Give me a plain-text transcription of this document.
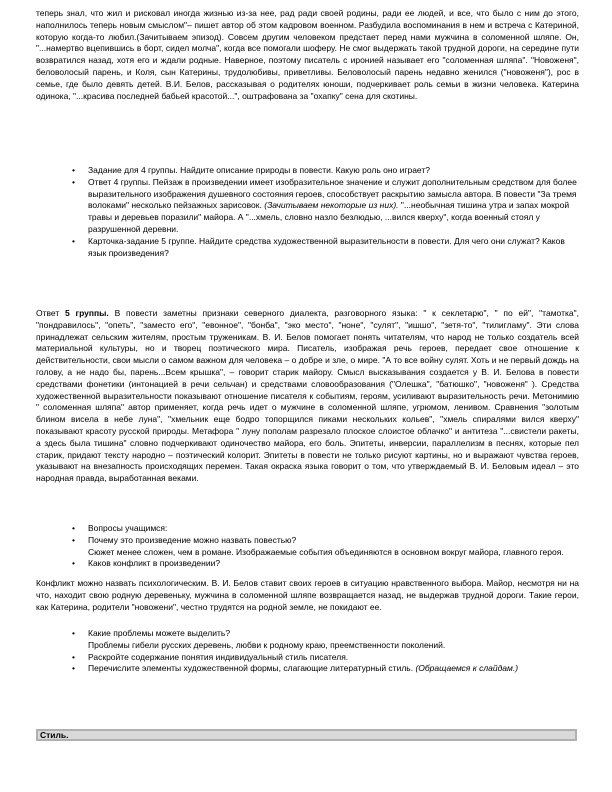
теперь знал, что жил и рисковал иногда жизнью из-за нее, рад ради своей родины, ради ее людей, и все, что было с ним до этого, наполнилось теперь новым смыслом"– пишет автор об этом кадровом военном. Разбудила воспоминания в нем и встреча с Катериной, которую когда-то любил.(Зачитываем эпизод). Совсем другим человеком предстает перед нами мужчина в соломенной шляпе. Он, "...намертво вцепившись в борт, сидел молча", когда все помогали шоферу. Не смог выдержать такой трудной дороги, на середине пути возвратился назад, хотя его и ждали родные. Наверное, поэтому писатель с иронией называет его "соломенная шляпа". "Новоженя", беловолосый парень, и Коля, сын Катерины, трудолюбивы, приветливы. Беловолосый парень недавно женился ("новоженя"), рос в семье, где было девять детей. В.И. Белов, рассказывая о родителях юноши, подчеркивает роль семьи в жизни человека. Катерина одинока, "...красива последней бабьей красотой...", оштрафована за "охапку" сена для скотины.
• Задание для 4 группы. Найдите описание природы в повести. Какую роль оно играет?
• Ответ 4 группы. Пейзаж в произведении имеет изобразительное значение и служит дополнительным средством для более выразительного изображения душевного состояния героев, способствует раскрытию замысла автора. В повести "За тремя волоками" несколько пейзажных зарисовок. (Зачитываем некоторые из них). "...необычная тишина утра и запах мокрой травы и деревьев поразили" майора. А "...хмель, словно назло безлюдью, ...вился кверху", когда военный стоял у разрушенной деревни.
• Карточка-задание 5 группе. Найдите средства художественной выразительности в повести. Для чего они служат? Каков язык произведения?
Ответ 5 группы. В повести заметны признаки северного диалекта, разговорного языка: " к секлетарю", " по ей", "тамотка", "пондравилось", "опеть", "заместо его", "евонное", "бонба", "эко место", "ноне", "сулят", "ишшо", "зетя-то", "тилигламу". Эти слова принадлежат сельским жителям, простым труженикам. В. И. Белов помогает понять читателям, что народ не только создатель всей материальной культуры, но и творец поэтического мира. Писатель, изображая речь героев, передает свое отношение к действительности, свои мысли о самом важном для человека – о добре и зле, о мире. "А то все войну сулят. Хоть и не первый дождь на голову, а не надо бы, парень...Всем крышка", – говорит старик майору. Смысл высказывания создается у В. И. Белова в повести средствами фонетики (интонацией в речи сельчан) и средствами словообразования ("Олешка", "батюшко", "новоженя" ). Средства художественной выразительности показывают отношение писателя к событиям, героям, усиливают выразительность речи. Метонимию " соломенная шляпа" автор применяет, когда речь идет о мужчине в соломенной шляпе, угрюмом, ленивом. Сравнения "золотым блином висела в небе луна", "хмельник еще бодро топорщился пиками нескольких кольев", "хмель спиралями вился кверху" показывают красоту русской природы. Метафора " луну пополам разрезало плоское слоистое облачко" и антитеза "...свистели ракеты, а здесь была тишина" словно подчеркивают одиночество майора, его боль. Эпитеты, инверсии, параллелизм в песнях, которые пел старик, придают тексту народно – поэтический колорит. Эпитеты в повести не только рисуют картины, но и выражают чувства героев, указывают на внезапность происходящих перемен. Такая окраска языка говорит о том, что утверждаемый В. И. Беловым идеал – это народная правда, выработанная веками.
• Вопросы учащимся:
• Почему это произведение можно назвать повестью?
Сюжет менее сложен, чем в романе. Изображаемые события объединяются в основном вокруг майора, главного героя.
• Каков конфликт в произведении?
Конфликт можно назвать психологическим. В. И. Белов ставит своих героев в ситуацию нравственного выбора. Майор, несмотря ни на что, находит свою родную деревеньку, мужчина в соломенной шляпе возвращается назад, не выдержав трудной дороги. Такие герои, как Катерина, родители "новожени", честно трудятся на родной земле, не покидают ее.
• Какие проблемы можете выделить?
Проблемы гибели русских деревень, любви к родному краю, преемственности поколений.
• Раскройте содержание понятия индивидуальный стиль писателя.
• Перечислите элементы художественной формы, слагающие литературный стиль. (Обращаемся к слайдам.)
Стиль.
